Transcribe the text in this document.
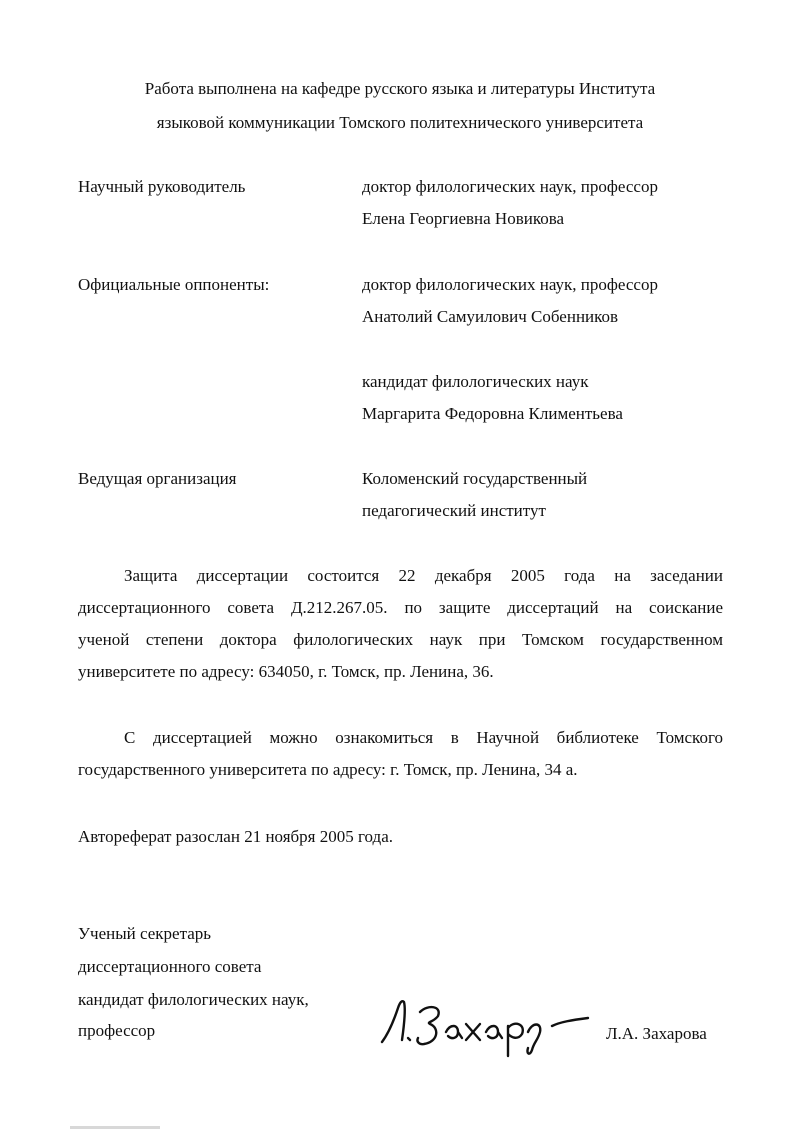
Работа выполнена на кафедре русского языка и литературы Института
языковой коммуникации Томского политехнического университета
Научный руководитель	доктор филологических наук, профессор
Елена Георгиевна Новикова
Официальные оппоненты:	доктор филологических наук, профессор
Анатолий Самуилович Собенников
кандидат филологических наук
Маргарита Федоровна Климентьева
Ведущая организация	Коломенский государственный
педагогический институт
Защита диссертации состоится 22 декабря 2005 года на заседании
диссертационного совета Д.212.267.05. по защите диссертаций на соискание
ученой степени доктора филологических наук при Томском государственном
университете по адресу: 634050, г. Томск, пр. Ленина, 36.
С диссертацией можно ознакомиться в Научной библиотеке Томского
государственного университета по адресу: г. Томск, пр. Ленина, 34 а.
Автореферат разослан 21 ноября 2005 года.
Ученый секретарь
диссертационного совета
кандидат филологических наук,
профессор	Л.А. Захарова
